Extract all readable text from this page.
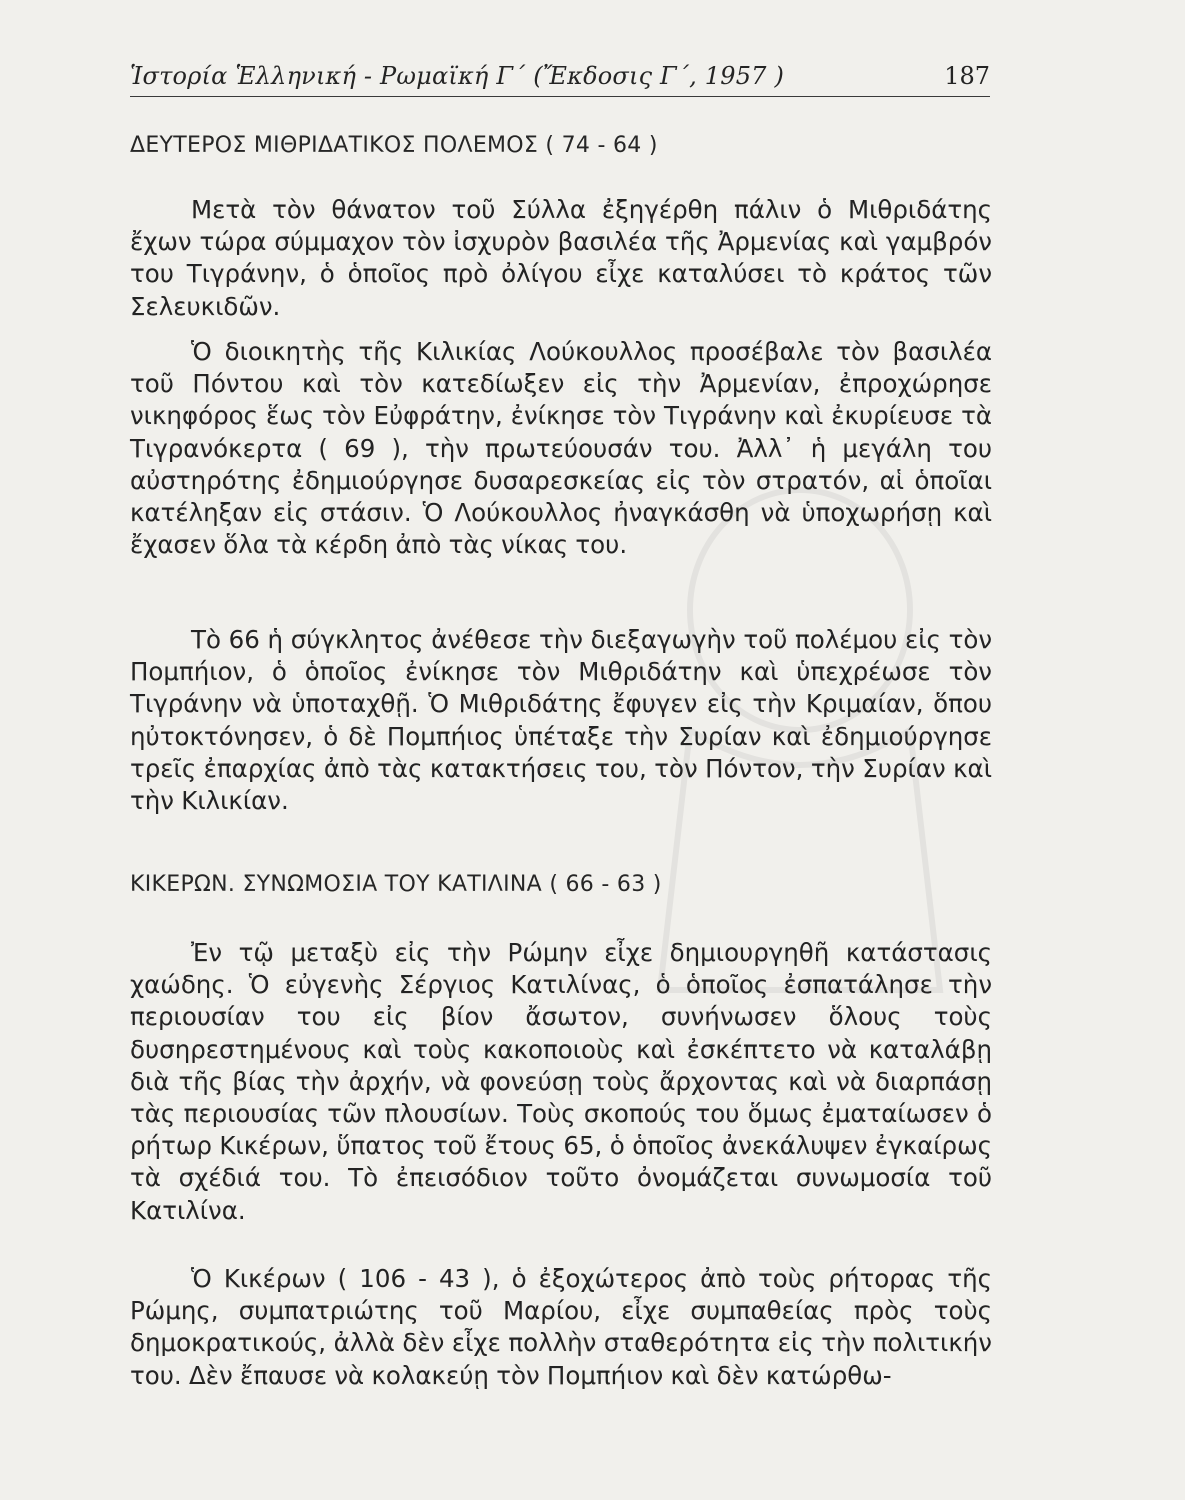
Ἱστορία Ἑλληνική - Ρωμαϊκή Γ΄ (Ἔκδοσις Γ΄, 1957 )	187
ΔΕΥΤΕΡΟΣ ΜΙΘΡΙΔΑΤΙΚΟΣ ΠΟΛΕΜΟΣ ( 74 - 64 )
Μετὰ τὸν θάνατον τοῦ Σύλλα ἐξηγέρθη πάλιν ὁ Μιθριδάτης ἔχων τώρα σύμμαχον τὸν ἰσχυρὸν βασιλέα τῆς Ἀρμενίας καὶ γαμβρόν του Τιγράνην, ὁ ὁποῖος πρὸ ὀλίγου εἶχε καταλύσει τὸ κράτος τῶν Σελευκιδῶν.
Ὁ διοικητὴς τῆς Κιλικίας Λούκουλλος προσέβαλε τὸν βασιλέα τοῦ Πόντου καὶ τὸν κατεδίωξεν εἰς τὴν Ἀρμενίαν, ἐπροχώρησε νικηφόρος ἕως τὸν Εὐφράτην, ἐνίκησε τὸν Τιγράνην καὶ ἐκυρίευσε τὰ Τιγρανόκερτα ( 69 ), τὴν πρωτεύουσάν του. Ἀλλ᾽ ἡ μεγάλη του αὐστηρότης ἐδημιούργησε δυσαρεσκείας εἰς τὸν στρατόν, αἱ ὁποῖαι κατέληξαν εἰς στάσιν. Ὁ Λούκουλλος ἠναγκάσθη νὰ ὑποχωρήσῃ καὶ ἔχασεν ὅλα τὰ κέρδη ἀπὸ τὰς νίκας του.
Τὸ 66 ἡ σύγκλητος ἀνέθεσε τὴν διεξαγωγὴν τοῦ πολέμου εἰς τὸν Πομπήιον, ὁ ὁποῖος ἐνίκησε τὸν Μιθριδάτην καὶ ὑπεχρέωσε τὸν Τιγράνην νὰ ὑποταχθῇ. Ὁ Μιθριδάτης ἔφυγεν εἰς τὴν Κριμαίαν, ὅπου ηὐτοκτόνησεν, ὁ δὲ Πομπήιος ὑπέταξε τὴν Συρίαν καὶ ἐδημιούργησε τρεῖς ἐπαρχίας ἀπὸ τὰς κατακτήσεις του, τὸν Πόντον, τὴν Συρίαν καὶ τὴν Κιλικίαν.
ΚΙΚΕΡΩΝ. ΣΥΝΩΜΟΣΙΑ ΤΟΥ ΚΑΤΙΛΙΝΑ ( 66 - 63 )
Ἐν τῷ μεταξὺ εἰς τὴν Ρώμην εἶχε δημιουργηθῆ κατάστασις χαώδης. Ὁ εὐγενὴς Σέργιος Κατιλίνας, ὁ ὁποῖος ἐσπατάλησε τὴν περιουσίαν του εἰς βίον ἄσωτον, συνήνωσεν ὅλους τοὺς δυσηρεστημένους καὶ τοὺς κακοποιοὺς καὶ ἐσκέπτετο νὰ καταλάβῃ διὰ τῆς βίας τὴν ἀρχήν, νὰ φονεύσῃ τοὺς ἄρχοντας καὶ νὰ διαρπάσῃ τὰς περιουσίας τῶν πλουσίων. Τοὺς σκοπούς του ὅμως ἐματαίωσεν ὁ ρήτωρ Κικέρων, ὕπατος τοῦ ἔτους 65, ὁ ὁποῖος ἀνεκάλυψεν ἐγκαίρως τὰ σχέδιά του. Τὸ ἐπεισόδιον τοῦτο ὀνομάζεται συνωμοσία τοῦ Κατιλίνα.
Ὁ Κικέρων ( 106 - 43 ), ὁ ἐξοχώτερος ἀπὸ τοὺς ρήτορας τῆς Ρώμης, συμπατριώτης τοῦ Μαρίου, εἶχε συμπαθείας πρὸς τοὺς δημοκρατικούς, ἀλλὰ δὲν εἶχε πολλὴν σταθερότητα εἰς τὴν πολιτικήν του. Δὲν ἔπαυσε νὰ κολακεύῃ τὸν Πομπήιον καὶ δὲν κατώρθω-
